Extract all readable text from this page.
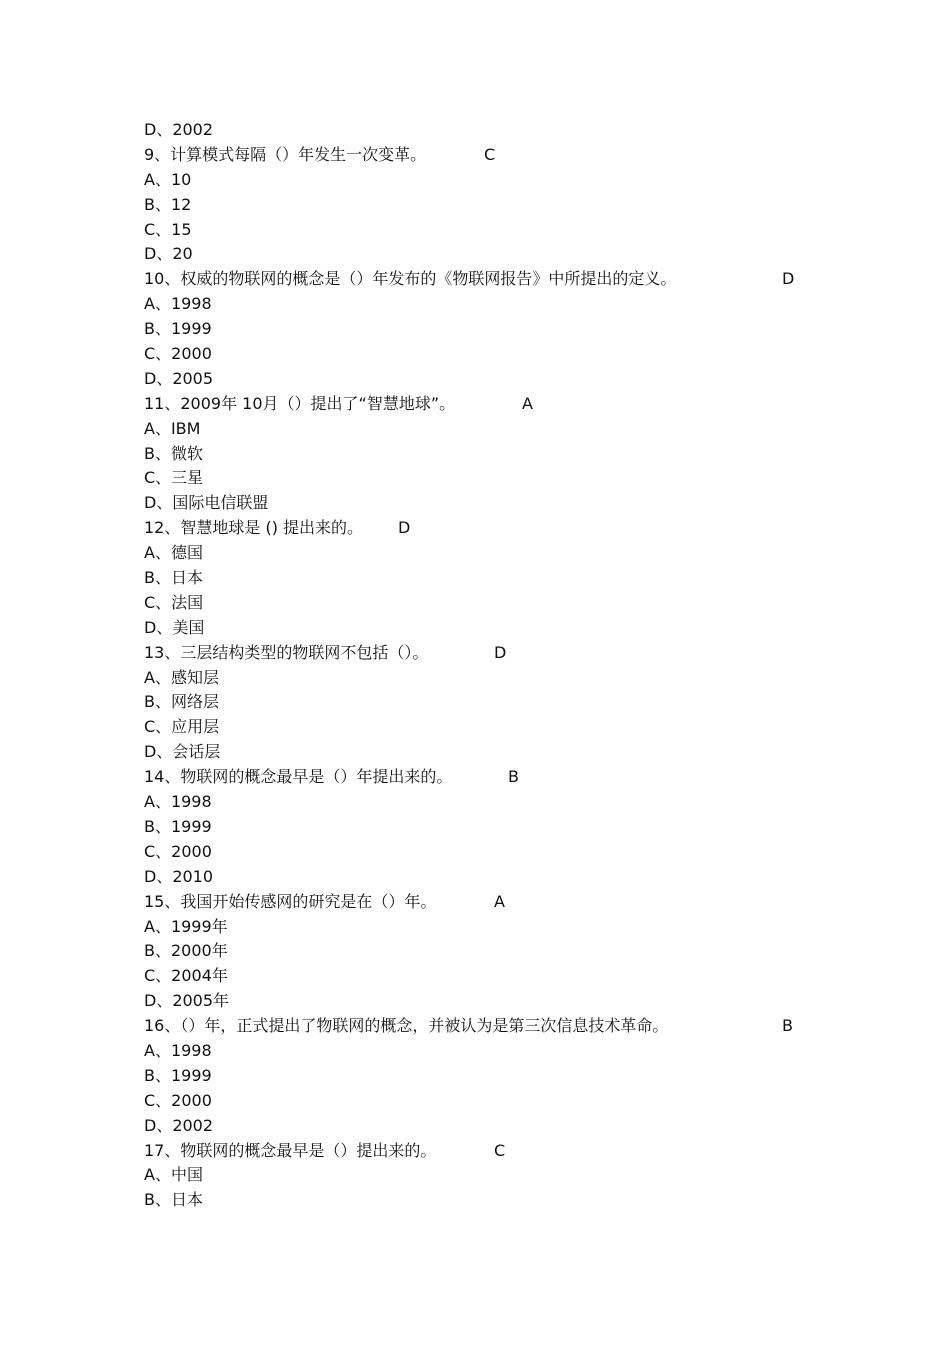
D、2002
9、计算模式每隔（）年发生一次变革。	C
A、10
B、12
C、15
D、20
10、权威的物联网的概念是（）年发布的《物联网报告》中所提出的定义。	D
A、1998
B、1999
C、2000
D、2005
11、2009年 10月（）提出了“智慧地球”。	A
A、IBM
B、微软
C、三星
D、国际电信联盟
12、智慧地球是 () 提出来的。 D
A、德国
B、日本
C、法国
D、美国
13、三层结构类型的物联网不包括（）。	D
A、感知层
B、网络层
C、应用层
D、会话层
14、物联网的概念最早是（）年提出来的。	B
A、1998
B、1999
C、2000
D、2010
15、我国开始传感网的研究是在（）年。	A
A、1999年
B、2000年
C、2004年
D、2005年
16、（）年，正式提出了物联网的概念，并被认为是第三次信息技术革命。	B
A、1998
B、1999
C、2000
D、2002
17、物联网的概念最早是（）提出来的。	C
A、中国
B、日本
